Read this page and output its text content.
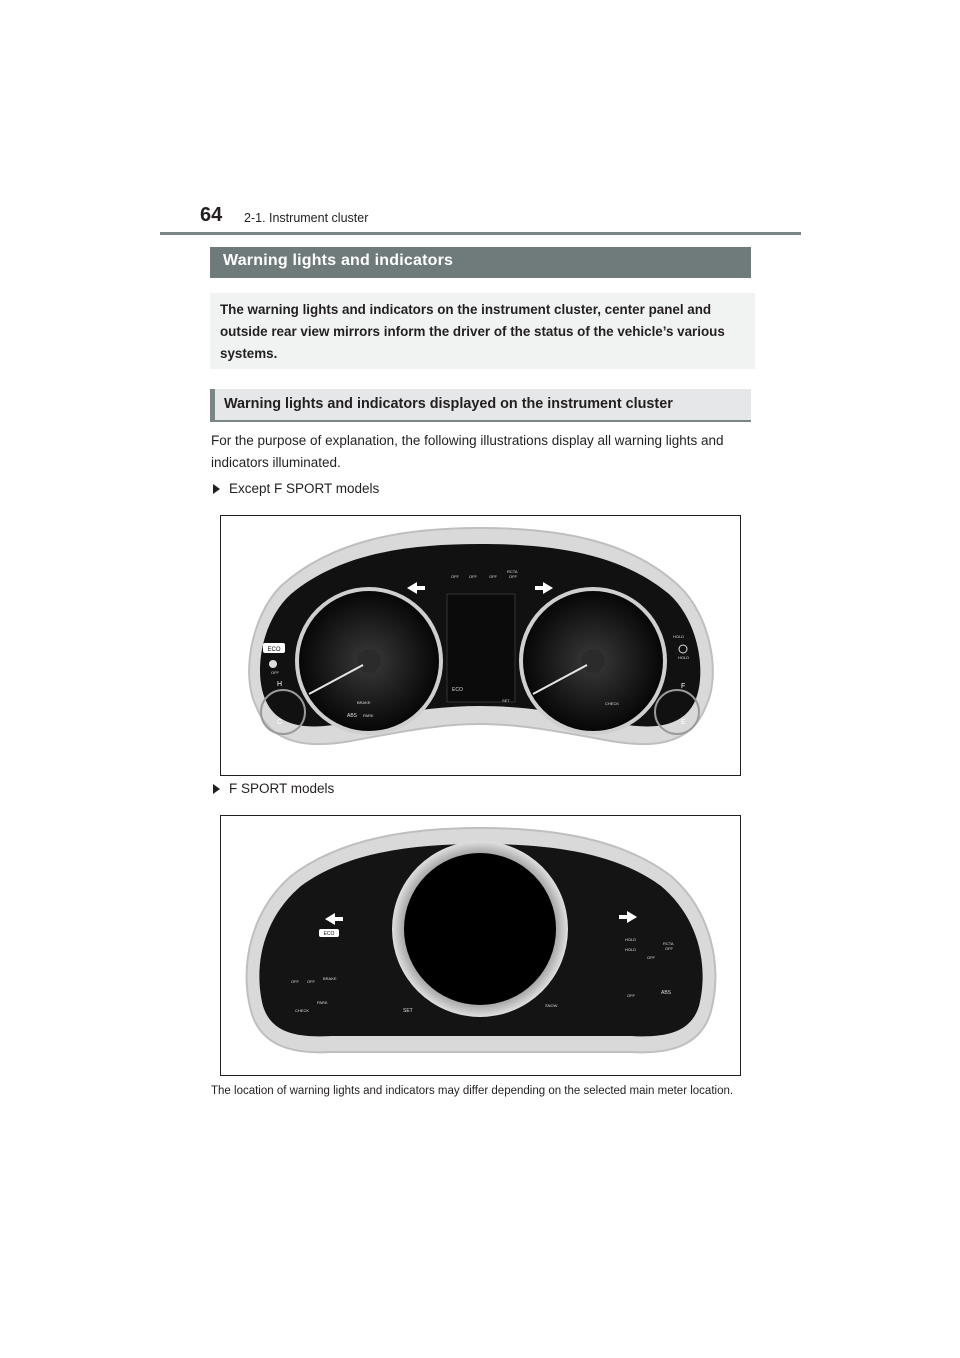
64 2-1. Instrument cluster
Warning lights and indicators

The warning lights and indicators on the instrument cluster, center panel and outside rear view mirrors inform the driver of the status of the vehicle’s various systems.

Warning lights and indicators displayed on the instrument cluster

For the purpose of explanation, the following illustrations display all warning lights and indicators illuminated.

Except F SPORT models
ECO
OFF
H
C
F
E
OFF	OFF	OFF
RCTA
OFF
HOLD
HOLD
BRAKE
ABS PARK
ECO
SET
CHECK
F SPORT models
ECO
BRAKE
PARK
CHECK
OFF OFF
SET
SNOW
HOLD
HOLD
RCTA
OFF
OFF
OFF	ABS

The location of warning lights and indicators may differ depending on the selected main meter location.
